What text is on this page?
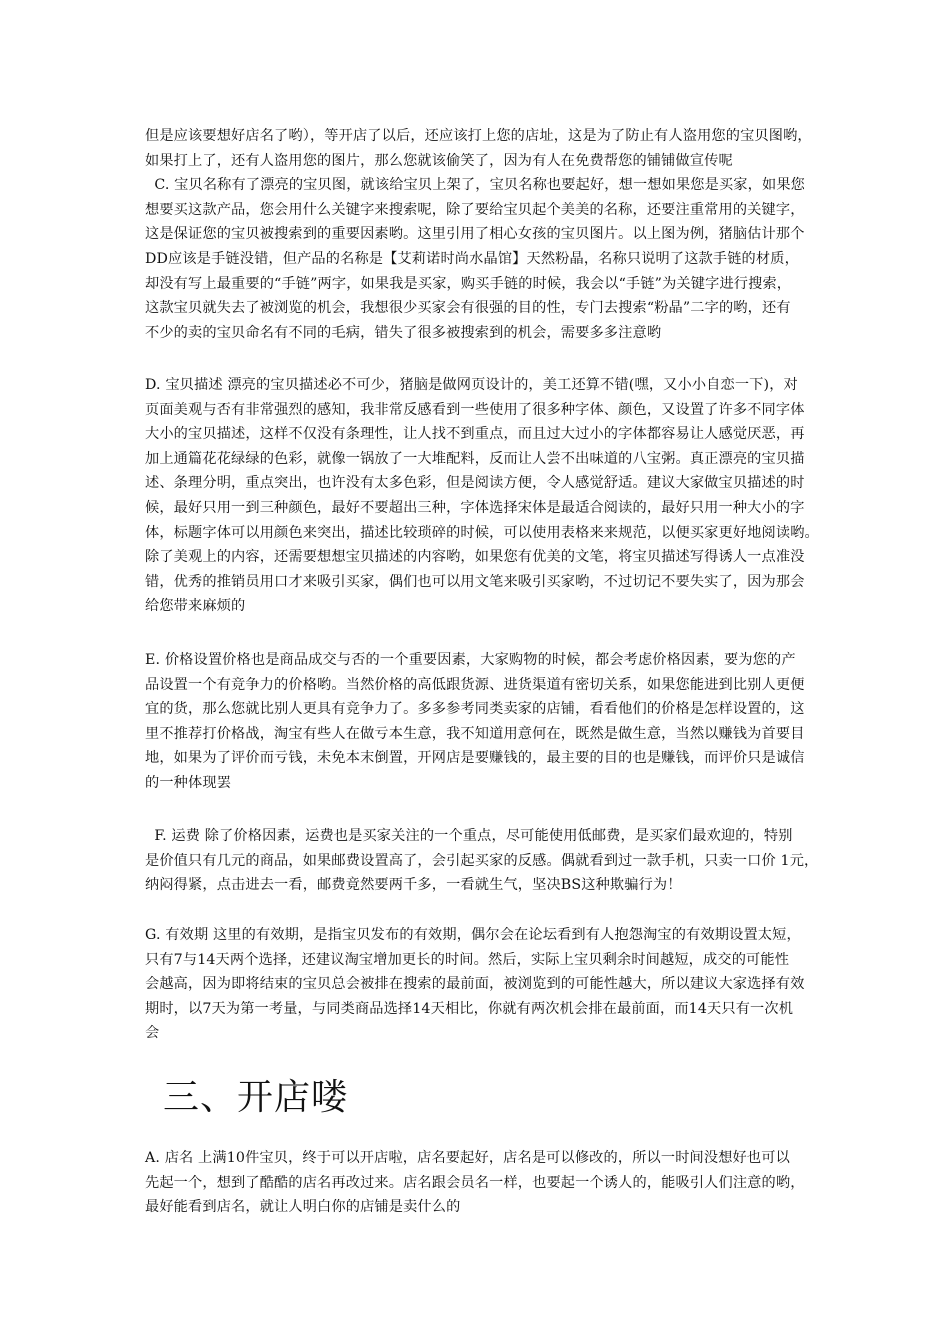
但是应该要想好店名了哟），等开店了以后，还应该打上您的店址，这是为了防止有人盗用您的宝贝图哟，
如果打上了，还有人盗用您的图片，那么您就该偷笑了，因为有人在免费帮您的铺铺做宣传呢
C. 宝贝名称有了漂亮的宝贝图，就该给宝贝上架了，宝贝名称也要起好，想一想如果您是买家，如果您
想要买这款产品，您会用什么关键字来搜索呢，除了要给宝贝起个美美的名称，还要注重常用的关键字，
这是保证您的宝贝被搜索到的重要因素哟。这里引用了相心女孩的宝贝图片。以上图为例，猪脑估计那个
DD应该是手链没错，但产品的名称是【艾莉诺时尚水晶馆】天然粉晶，名称只说明了这款手链的材质，
却没有写上最重要的“手链”两字，如果我是买家，购买手链的时候，我会以“手链”为关键字进行搜索，
这款宝贝就失去了被浏览的机会，我想很少买家会有很强的目的性，专门去搜索“粉晶”二字的哟，还有
不少的卖的宝贝命名有不同的毛病，错失了很多被搜索到的机会，需要多多注意哟
D. 宝贝描述 漂亮的宝贝描述必不可少，猪脑是做网页设计的，美工还算不错(嘿，又小小自恋一下)，对
页面美观与否有非常强烈的感知，我非常反感看到一些使用了很多种字体、颜色，又设置了许多不同字体
大小的宝贝描述，这样不仅没有条理性，让人找不到重点，而且过大过小的字体都容易让人感觉厌恶，再
加上通篇花花绿绿的色彩，就像一锅放了一大堆配料，反而让人尝不出味道的八宝粥。真正漂亮的宝贝描
述、条理分明，重点突出，也许没有太多色彩，但是阅读方便，令人感觉舒适。建议大家做宝贝描述的时
候，最好只用一到三种颜色，最好不要超出三种，字体选择宋体是最适合阅读的，最好只用一种大小的字
体，标题字体可以用颜色来突出，描述比较琐碎的时候，可以使用表格来来规范，以便买家更好地阅读哟。
除了美观上的内容，还需要想想宝贝描述的内容哟，如果您有优美的文笔，将宝贝描述写得诱人一点准没
错，优秀的推销员用口才来吸引买家，偶们也可以用文笔来吸引买家哟，不过切记不要失实了，因为那会
给您带来麻烦的
E. 价格设置价格也是商品成交与否的一个重要因素，大家购物的时候，都会考虑价格因素，要为您的产
品设置一个有竞争力的价格哟。当然价格的高低跟货源、进货渠道有密切关系，如果您能进到比别人更便
宜的货，那么您就比别人更具有竞争力了。多多参考同类卖家的店铺，看看他们的价格是怎样设置的，这
里不推荐打价格战，淘宝有些人在做亏本生意，我不知道用意何在，既然是做生意，当然以赚钱为首要目
地，如果为了评价而亏钱，未免本末倒置，开网店是要赚钱的，最主要的目的也是赚钱，而评价只是诚信
的一种体现罢
F. 运费 除了价格因素，运费也是买家关注的一个重点，尽可能使用低邮费，是买家们最欢迎的，特别
是价值只有几元的商品，如果邮费设置高了，会引起买家的反感。偶就看到过一款手机，只卖一口价 1元，
纳闷得紧，点击进去一看，邮费竟然要两千多，一看就生气，坚决BS这种欺骗行为！
G. 有效期 这里的有效期，是指宝贝发布的有效期，偶尔会在论坛看到有人抱怨淘宝的有效期设置太短，
只有7与14天两个选择，还建议淘宝增加更长的时间。然后，实际上宝贝剩余时间越短，成交的可能性
会越高，因为即将结束的宝贝总会被排在搜索的最前面，被浏览到的可能性越大，所以建议大家选择有效
期时，以7天为第一考量，与同类商品选择14天相比，你就有两次机会排在最前面，而14天只有一次机
会
三、开店喽
A. 店名 上满10件宝贝，终于可以开店啦，店名要起好，店名是可以修改的，所以一时间没想好也可以
先起一个，想到了酷酷的店名再改过来。店名跟会员名一样，也要起一个诱人的，能吸引人们注意的哟，
最好能看到店名，就让人明白你的店铺是卖什么的
